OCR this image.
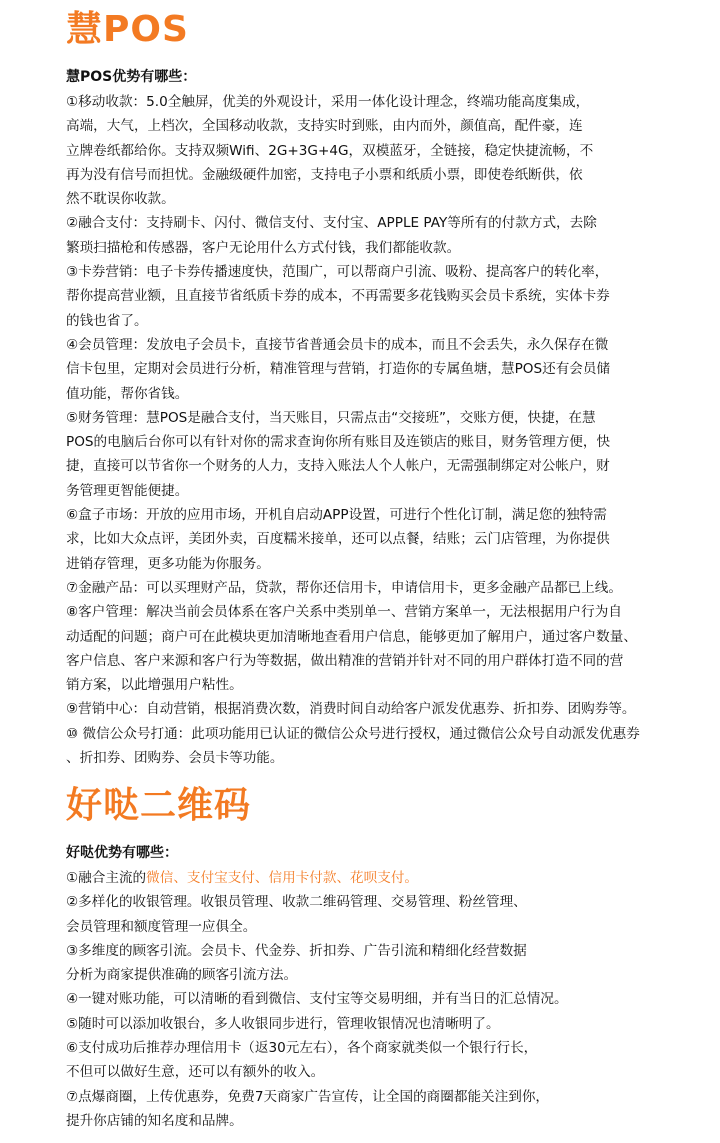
慧POS
慧POS优势有哪些：
①移动收款：5.0全触屏，优美的外观设计，采用一体化设计理念，终端功能高度集成，
高端，大气，上档次，全国移动收款，支持实时到账，由内而外，颜值高，配件豪，连
立牌卷纸都给你。支持双频Wifi、2G+3G+4G，双模蓝牙，全链接，稳定快捷流畅，不
再为没有信号而担忧。金融级硬件加密，支持电子小票和纸质小票，即使卷纸断供，依
然不耽误你收款。
②融合支付：支持刷卡、闪付、微信支付、支付宝、APPLE PAY等所有的付款方式，去除
繁琐扫描枪和传感器，客户无论用什么方式付钱，我们都能收款。
③卡券营销：电子卡券传播速度快，范围广，可以帮商户引流、吸粉、提高客户的转化率，
帮你提高营业额，且直接节省纸质卡券的成本，不再需要多花钱购买会员卡系统，实体卡券
的钱也省了。
④会员管理：发放电子会员卡，直接节省普通会员卡的成本，而且不会丢失，永久保存在微
信卡包里，定期对会员进行分析，精准管理与营销，打造你的专属鱼塘，慧POS还有会员储
值功能，帮你省钱。
⑤财务管理：慧POS是融合支付，当天账目，只需点击“交接班”，交账方便，快捷，在慧
POS的电脑后台你可以有针对你的需求查询你所有账目及连锁店的账目，财务管理方便，快
捷，直接可以节省你一个财务的人力，支持入账法人个人帐户，无需强制绑定对公帐户，财
务管理更智能便捷。
⑥盒子市场：开放的应用市场，开机自启动APP设置，可进行个性化订制，满足您的独特需
求，比如大众点评，美团外卖，百度糯米接单，还可以点餐，结账；云门店管理，为你提供
进销存管理，更多功能为你服务。
⑦金融产品：可以买理财产品，贷款，帮你还信用卡，申请信用卡，更多金融产品都已上线。
⑧客户管理：解决当前会员体系在客户关系中类别单一、营销方案单一，无法根据用户行为自
动适配的问题；商户可在此模块更加清晰地查看用户信息，能够更加了解用户，通过客户数量、
客户信息、客户来源和客户行为等数据，做出精准的营销并针对不同的用户群体打造不同的营
销方案，以此增强用户粘性。
⑨营销中心：自动营销，根据消费次数，消费时间自动给客户派发优惠券、折扣券、团购券等。
⑩ 微信公众号打通：此项功能用已认证的微信公众号进行授权，通过微信公众号自动派发优惠券
、折扣券、团购券、会员卡等功能。
好哒二维码
好哒优势有哪些：
①融合主流的微信、支付宝支付、信用卡付款、花呗支付。
②多样化的收银管理。收银员管理、收款二维码管理、交易管理、粉丝管理、
会员管理和额度管理一应俱全。
③多维度的顾客引流。会员卡、代金券、折扣券、广告引流和精细化经营数据
分析为商家提供准确的顾客引流方法。
④一键对账功能，可以清晰的看到微信、支付宝等交易明细，并有当日的汇总情况。
⑤随时可以添加收银台，多人收银同步进行，管理收银情况也清晰明了。
⑥支付成功后推荐办理信用卡（返30元左右），各个商家就类似一个银行行长，
不但可以做好生意，还可以有额外的收入。
⑦点爆商圈，上传优惠券，免费7天商家广告宣传，让全国的商圈都能关注到你，
提升你店铺的知名度和品牌。
